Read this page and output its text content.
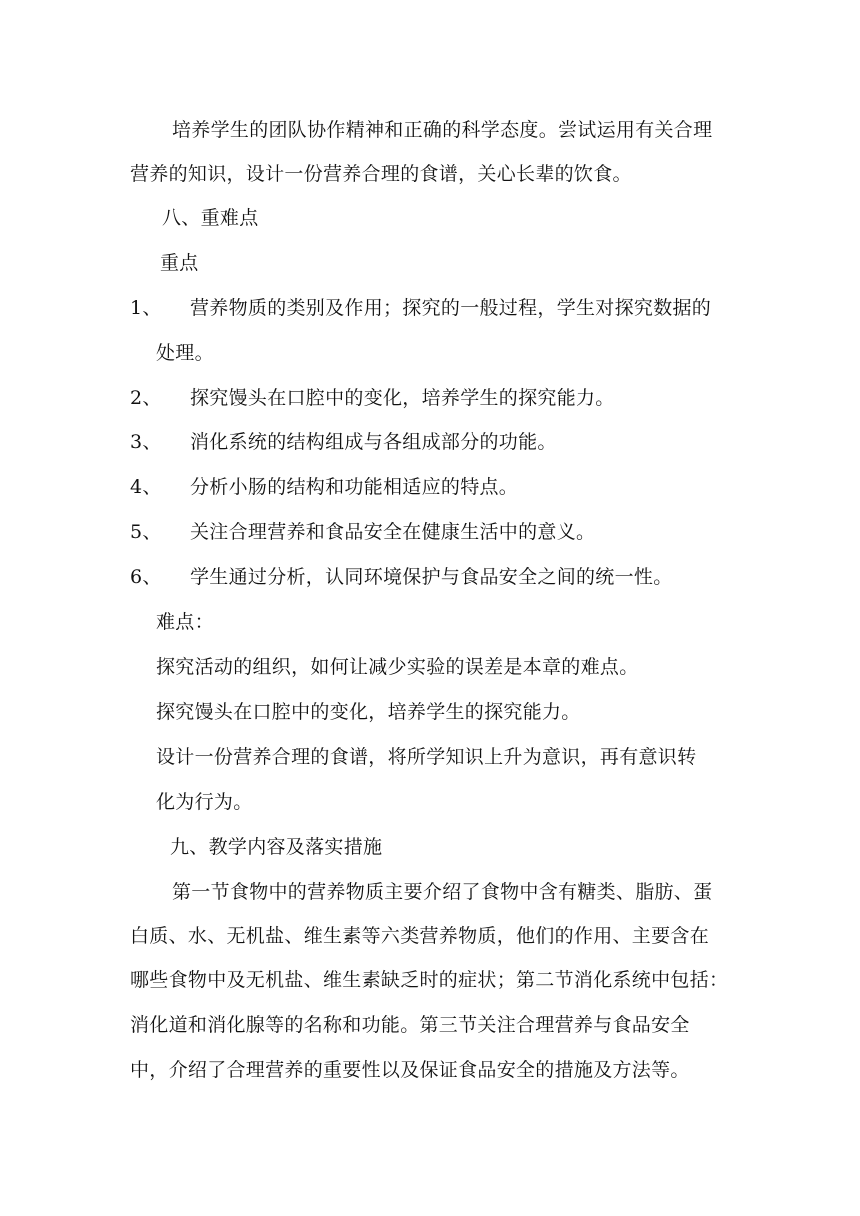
培养学生的团队协作精神和正确的科学态度。尝试运用有关合理
营养的知识，设计一份营养合理的食谱，关心长辈的饮食。
八、重难点
重点
1、 营养物质的类别及作用；探究的一般过程，学生对探究数据的
处理。
2、 探究馒头在口腔中的变化，培养学生的探究能力。
3、 消化系统的结构组成与各组成部分的功能。
4、 分析小肠的结构和功能相适应的特点。
5、 关注合理营养和食品安全在健康生活中的意义。
6、 学生通过分析，认同环境保护与食品安全之间的统一性。
难点：
探究活动的组织，如何让减少实验的误差是本章的难点。
探究馒头在口腔中的变化，培养学生的探究能力。
设计一份营养合理的食谱，将所学知识上升为意识，再有意识转
化为行为。
九、教学内容及落实措施
第一节食物中的营养物质主要介绍了食物中含有糖类、脂肪、蛋
白质、水、无机盐、维生素等六类营养物质，他们的作用、主要含在
哪些食物中及无机盐、维生素缺乏时的症状；第二节消化系统中包括：
消化道和消化腺等的名称和功能。第三节关注合理营养与食品安全
中，介绍了合理营养的重要性以及保证食品安全的措施及方法等。
